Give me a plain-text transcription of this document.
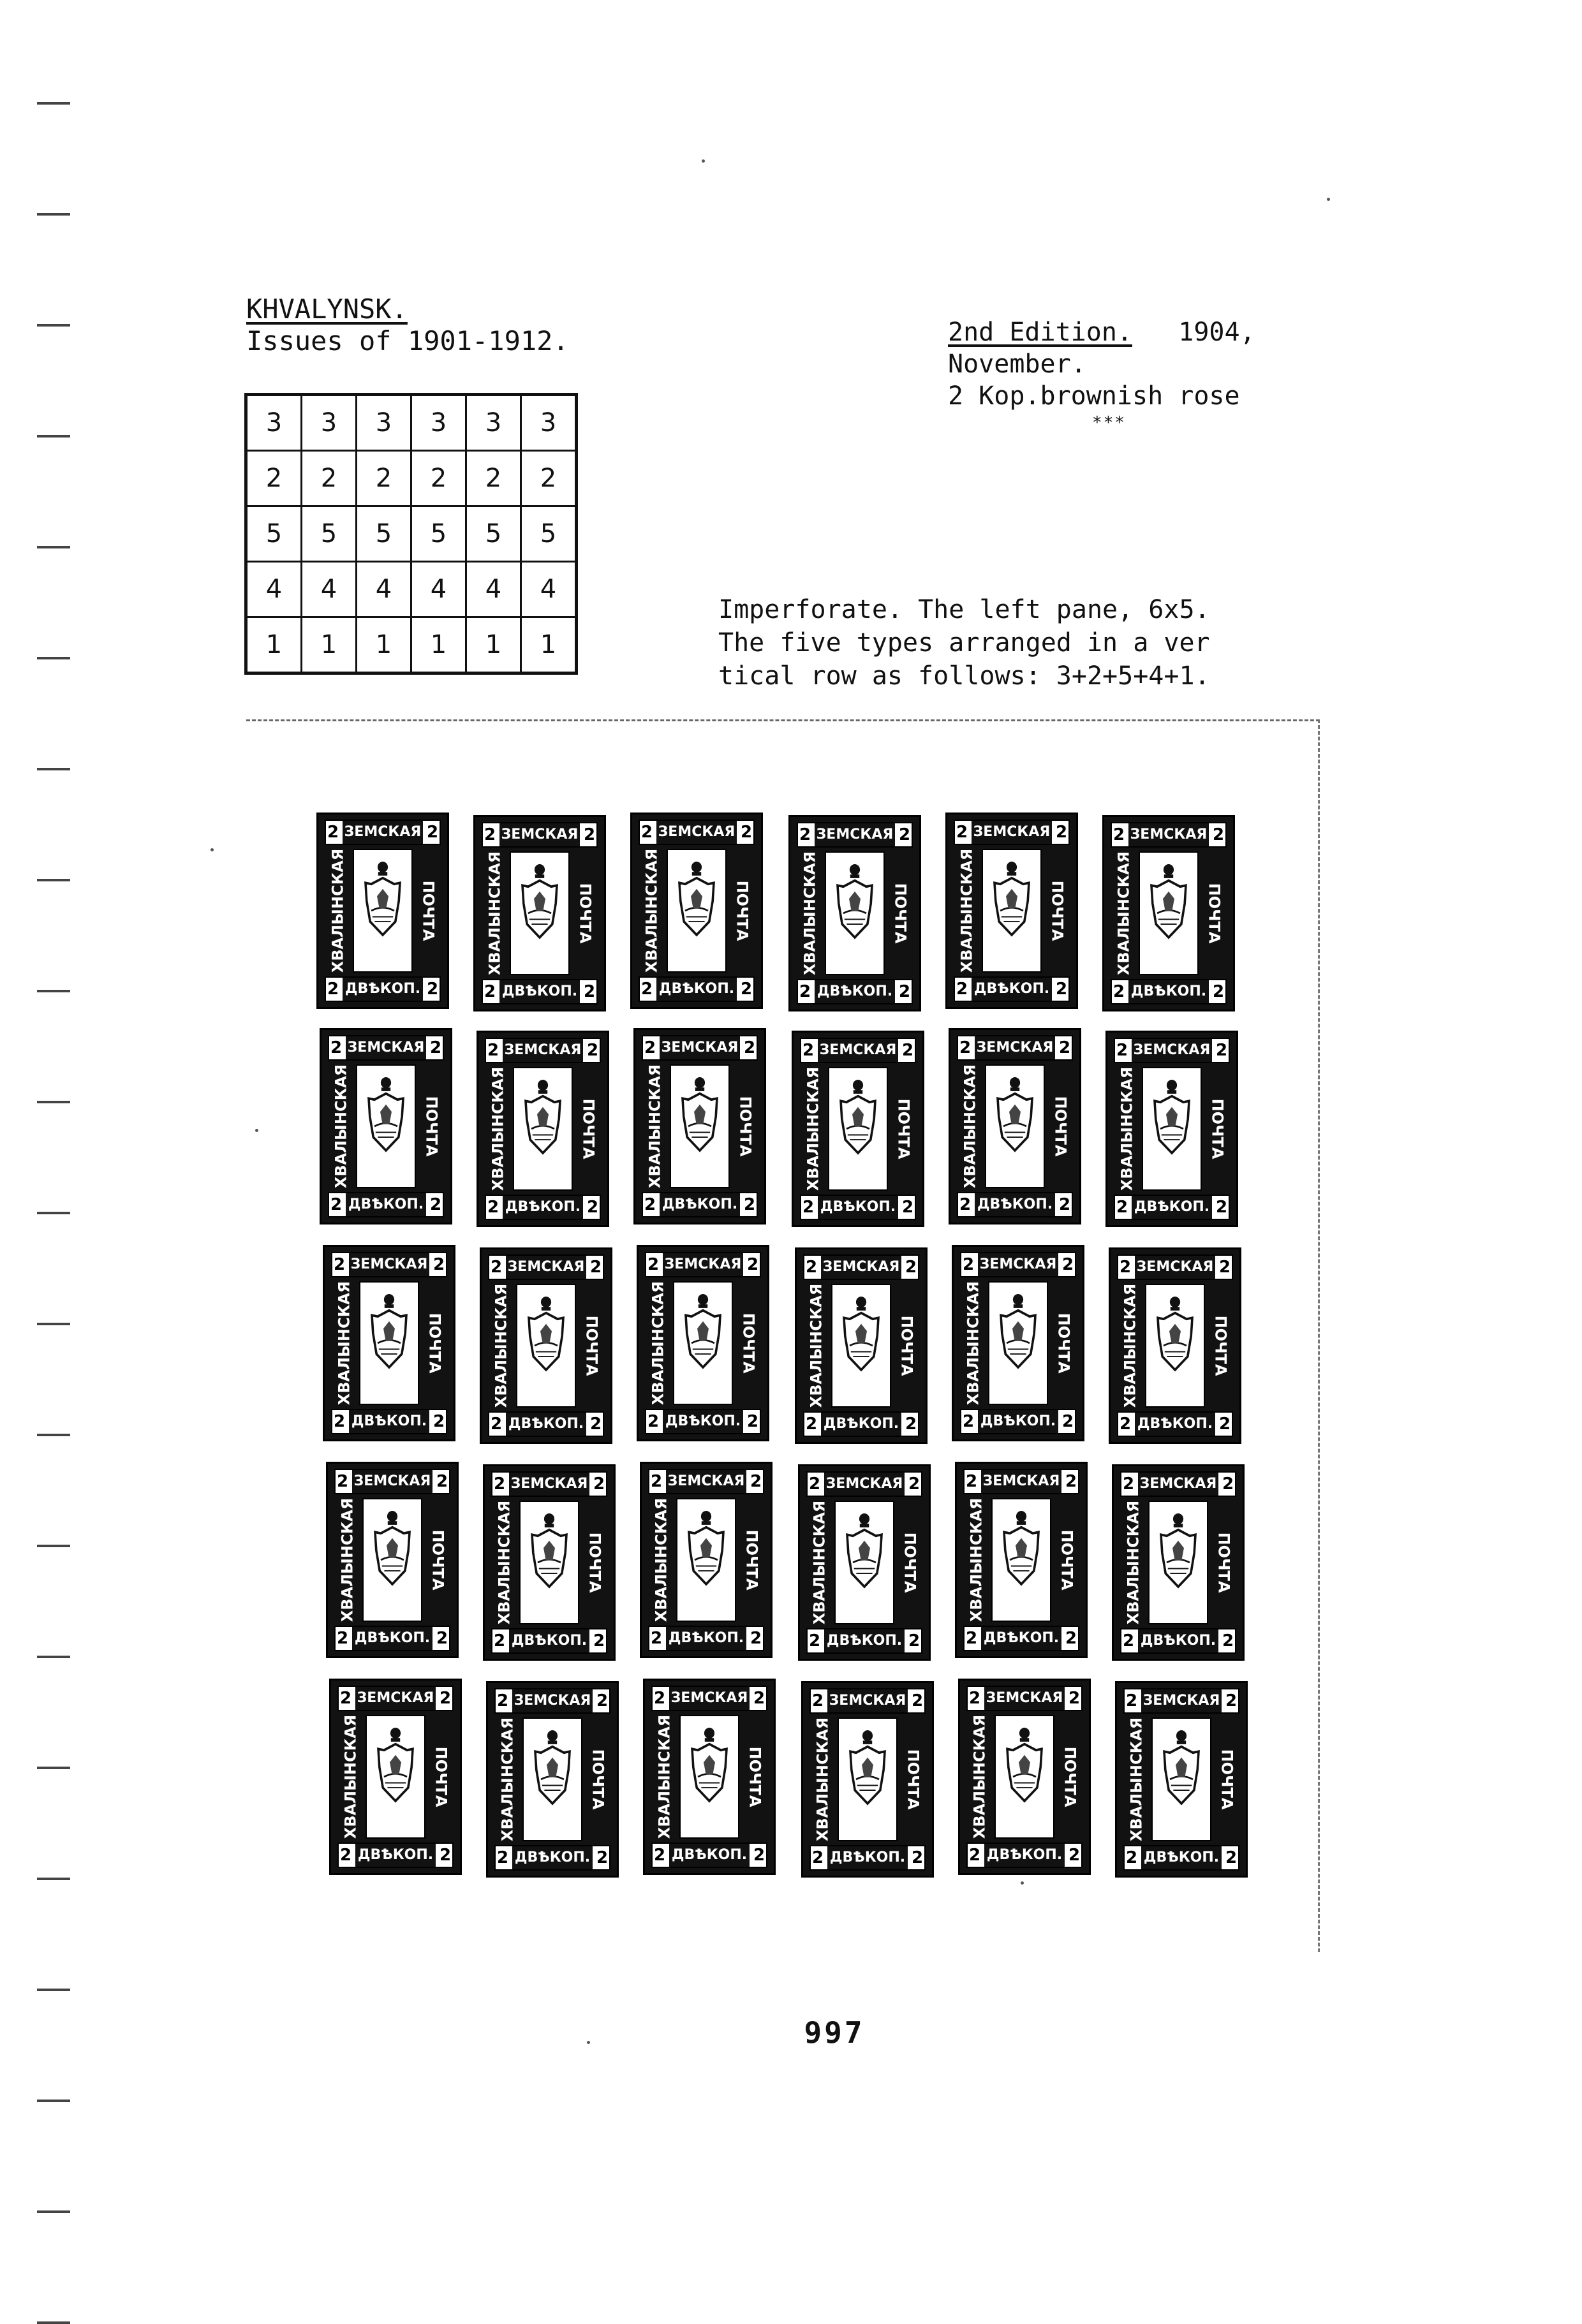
KHVALYNSK.
Issues of 1901-1912.	2nd Edition. 1904,
November.
2 Kop.brownish rose
***
3	3	3	3	3	3
2	2	2	2	2	2
5	5	5	5	5	5
4	4	4	4	4	4
1	1	1	1	1	1
Imperforate. The left pane, 6x5.
The five types arranged in a ver
tical row as follows: 3+2+5+4+1.
2 ЗЕМСКАЯ 2
ХВАЛЫНСКАЯ	ПОЧТА
2 ДВѢКОП. 2
2 ЗЕМСКАЯ 2
ХВАЛЫНСКАЯ	ПОЧТА
2 ДВѢКОП. 2
2 ЗЕМСКАЯ 2
ХВАЛЫНСКАЯ	ПОЧТА
2 ДВѢКОП. 2
2 ЗЕМСКАЯ 2
ХВАЛЫНСКАЯ	ПОЧТА
2 ДВѢКОП. 2
2 ЗЕМСКАЯ 2
ХВАЛЫНСКАЯ	ПОЧТА
2 ДВѢКОП. 2
2 ЗЕМСКАЯ 2
ХВАЛЫНСКАЯ	ПОЧТА
2 ДВѢКОП. 2
2 ЗЕМСКАЯ 2
ХВАЛЫНСКАЯ	ПОЧТА
2 ДВѢКОП. 2
2 ЗЕМСКАЯ 2
ХВАЛЫНСКАЯ	ПОЧТА
2 ДВѢКОП. 2
2 ЗЕМСКАЯ 2
ХВАЛЫНСКАЯ	ПОЧТА
2 ДВѢКОП. 2
2 ЗЕМСКАЯ 2
ХВАЛЫНСКАЯ	ПОЧТА
2 ДВѢКОП. 2
2 ЗЕМСКАЯ 2
ХВАЛЫНСКАЯ	ПОЧТА
2 ДВѢКОП. 2
2 ЗЕМСКАЯ 2
ХВАЛЫНСКАЯ	ПОЧТА
2 ДВѢКОП. 2
2 ЗЕМСКАЯ 2
ХВАЛЫНСКАЯ	ПОЧТА
2 ДВѢКОП. 2
2 ЗЕМСКАЯ 2
ХВАЛЫНСКАЯ	ПОЧТА
2 ДВѢКОП. 2
2 ЗЕМСКАЯ 2
ХВАЛЫНСКАЯ	ПОЧТА
2 ДВѢКОП. 2
2 ЗЕМСКАЯ 2
ХВАЛЫНСКАЯ	ПОЧТА
2 ДВѢКОП. 2
2 ЗЕМСКАЯ 2
ХВАЛЫНСКАЯ	ПОЧТА
2 ДВѢКОП. 2
2 ЗЕМСКАЯ 2
ХВАЛЫНСКАЯ	ПОЧТА
2 ДВѢКОП. 2
2 ЗЕМСКАЯ 2
ХВАЛЫНСКАЯ	ПОЧТА
2 ДВѢКОП. 2
2 ЗЕМСКАЯ 2
ХВАЛЫНСКАЯ	ПОЧТА
2 ДВѢКОП. 2
2 ЗЕМСКАЯ 2
ХВАЛЫНСКАЯ	ПОЧТА
2 ДВѢКОП. 2
2 ЗЕМСКАЯ 2
ХВАЛЫНСКАЯ	ПОЧТА
2 ДВѢКОП. 2
2 ЗЕМСКАЯ 2
ХВАЛЫНСКАЯ	ПОЧТА
2 ДВѢКОП. 2
2 ЗЕМСКАЯ 2
ХВАЛЫНСКАЯ	ПОЧТА
2 ДВѢКОП. 2
2 ЗЕМСКАЯ 2
ХВАЛЫНСКАЯ	ПОЧТА
2 ДВѢКОП. 2
2 ЗЕМСКАЯ 2
ХВАЛЫНСКАЯ	ПОЧТА
2 ДВѢКОП. 2
2 ЗЕМСКАЯ 2
ХВАЛЫНСКАЯ	ПОЧТА
2 ДВѢКОП. 2
2 ЗЕМСКАЯ 2
ХВАЛЫНСКАЯ	ПОЧТА
2 ДВѢКОП. 2
2 ЗЕМСКАЯ 2
ХВАЛЫНСКАЯ	ПОЧТА
2 ДВѢКОП. 2
2 ЗЕМСКАЯ 2
ХВАЛЫНСКАЯ	ПОЧТА
2 ДВѢКОП. 2
997
